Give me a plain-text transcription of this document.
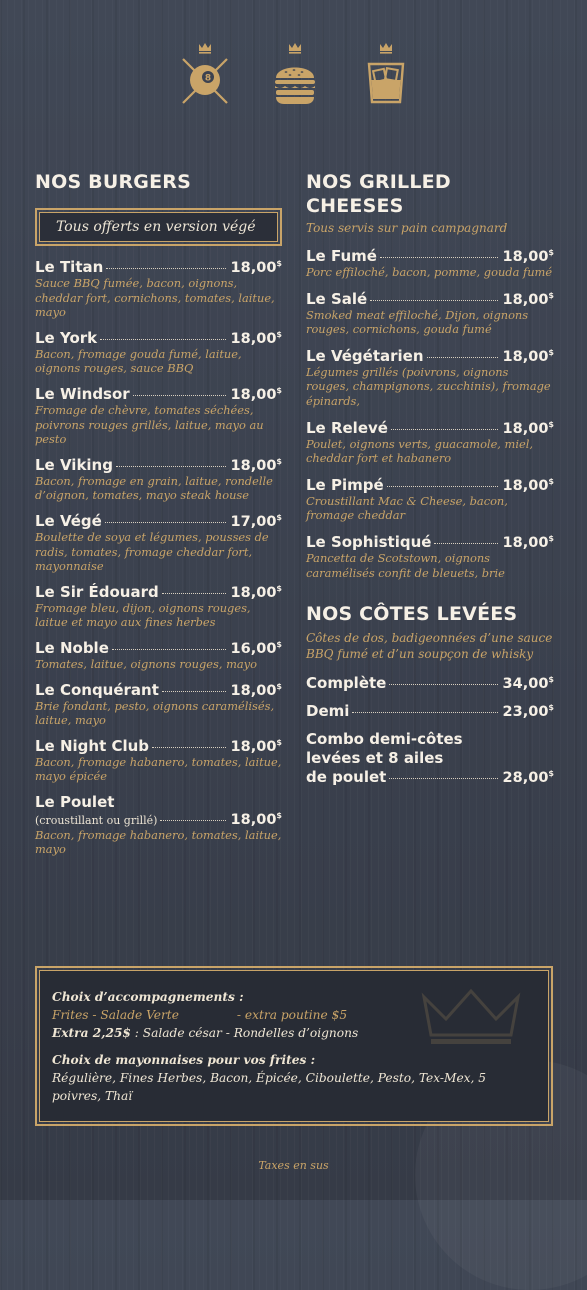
8
NOS BURGERS
Tous offerts en version végé
Le Titan	18,00$
Sauce BBQ fumée, bacon, oignons, cheddar fort, cornichons, tomates, laitue, mayo
Le York	18,00$
Bacon, fromage gouda fumé, laitue, oignons rouges, sauce BBQ
Le Windsor	18,00$
Fromage de chèvre, tomates séchées, poivrons rouges grillés, laitue, mayo au pesto
Le Viking	18,00$
Bacon, fromage en grain, laitue, rondelle d’oignon, tomates, mayo steak house
Le Végé	17,00$
Boulette de soya et légumes, pousses de radis, tomates, fromage cheddar fort, mayonnaise
Le Sir Édouard	18,00$
Fromage bleu, dijon, oignons rouges, laitue et mayo aux fines herbes
Le Noble	16,00$
Tomates, laitue, oignons rouges, mayo
Le Conquérant	18,00$
Brie fondant, pesto, oignons caramélisés, laitue, mayo
Le Night Club	18,00$
Bacon, fromage habanero, tomates, laitue, mayo épicée
Le Poulet
(croustillant ou grillé)	18,00$
Bacon, fromage habanero, tomates, laitue, mayo
NOS GRILLED
CHEESES
Tous servis sur pain campagnard
Le Fumé	18,00$
Porc effiloché, bacon, pomme, gouda fumé
Le Salé	18,00$
Smoked meat effiloché, Dijon, oignons rouges, cornichons, gouda fumé
Le Végétarien	18,00$
Légumes grillés (poivrons, oignons rouges, champignons, zucchinis), fromage épinards,
Le Relevé	18,00$
Poulet, oignons verts, guacamole, miel, cheddar fort et habanero
Le Pimpé	18,00$
Croustillant Mac & Cheese, bacon, fromage cheddar
Le Sophistiqué	18,00$
Pancetta de Scotstown, oignons caramélisés confit de bleuets, brie
NOS CÔTES LEVÉES
Côtes de dos, badigeonnées d’une sauce BBQ fumé et d’un soupçon de whisky
Complète	34,00$
Demi	23,00$
Combo demi-côtes
levées et 8 ailes
de poulet	28,00$
Choix d’accompagnements :
Frites - Salade Verte	- extra poutine $5
Extra 2,25$ : Salade césar - Rondelles d’oignons
Choix de mayonnaises pour vos frites :
Régulière, Fines Herbes, Bacon, Épicée, Ciboulette, Pesto, Tex-Mex, 5 poivres, Thaï
Taxes en sus
